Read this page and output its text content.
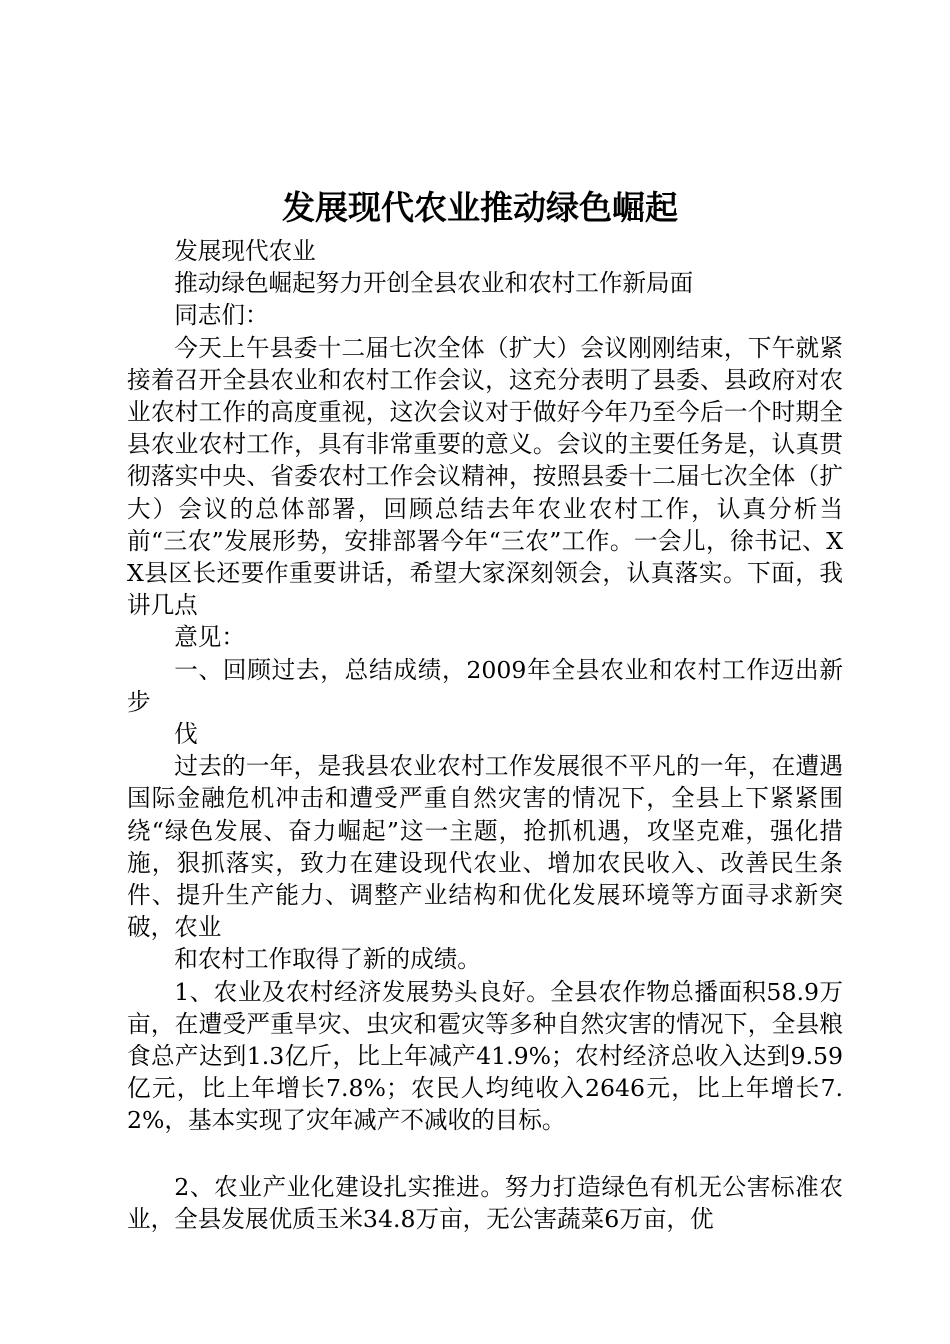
发展现代农业推动绿色崛起

发展现代农业

推动绿色崛起努力开创全县农业和农村工作新局面

同志们：

今天上午县委十二届七次全体（扩大）会议刚刚结束，下午就紧接着召开全县农业和农村工作会议，这充分表明了县委、县政府对农业农村工作的高度重视，这次会议对于做好今年乃至今后一个时期全县农业农村工作，具有非常重要的意义。会议的主要任务是，认真贯彻落实中央、省委农村工作会议精神，按照县委十二届七次全体（扩大）会议的总体部署，回顾总结去年农业农村工作，认真分析当前“三农”发展形势，安排部署今年“三农”工作。一会儿，徐书记、XX县区长还要作重要讲话，希望大家深刻领会，认真落实。下面，我讲几点

意见：

一、回顾过去，总结成绩，2009年全县农业和农村工作迈出新步

伐

过去的一年，是我县农业农村工作发展很不平凡的一年，在遭遇国际金融危机冲击和遭受严重自然灾害的情况下，全县上下紧紧围绕“绿色发展、奋力崛起”这一主题，抢抓机遇，攻坚克难，强化措施，狠抓落实，致力在建设现代农业、增加农民收入、改善民生条件、提升生产能力、调整产业结构和优化发展环境等方面寻求新突破，农业

和农村工作取得了新的成绩。

1、农业及农村经济发展势头良好。全县农作物总播面积58.9万亩，在遭受严重旱灾、虫灾和雹灾等多种自然灾害的情况下，全县粮食总产达到1.3亿斤，比上年减产41.9%；农村经济总收入达到9.59亿元，比上年增长7.8%；农民人均纯收入2646元，比上年增长7.2%，基本实现了灾年减产不减收的目标。

2、农业产业化建设扎实推进。努力打造绿色有机无公害标准农业，全县发展优质玉米34.8万亩，无公害蔬菜6万亩，优
